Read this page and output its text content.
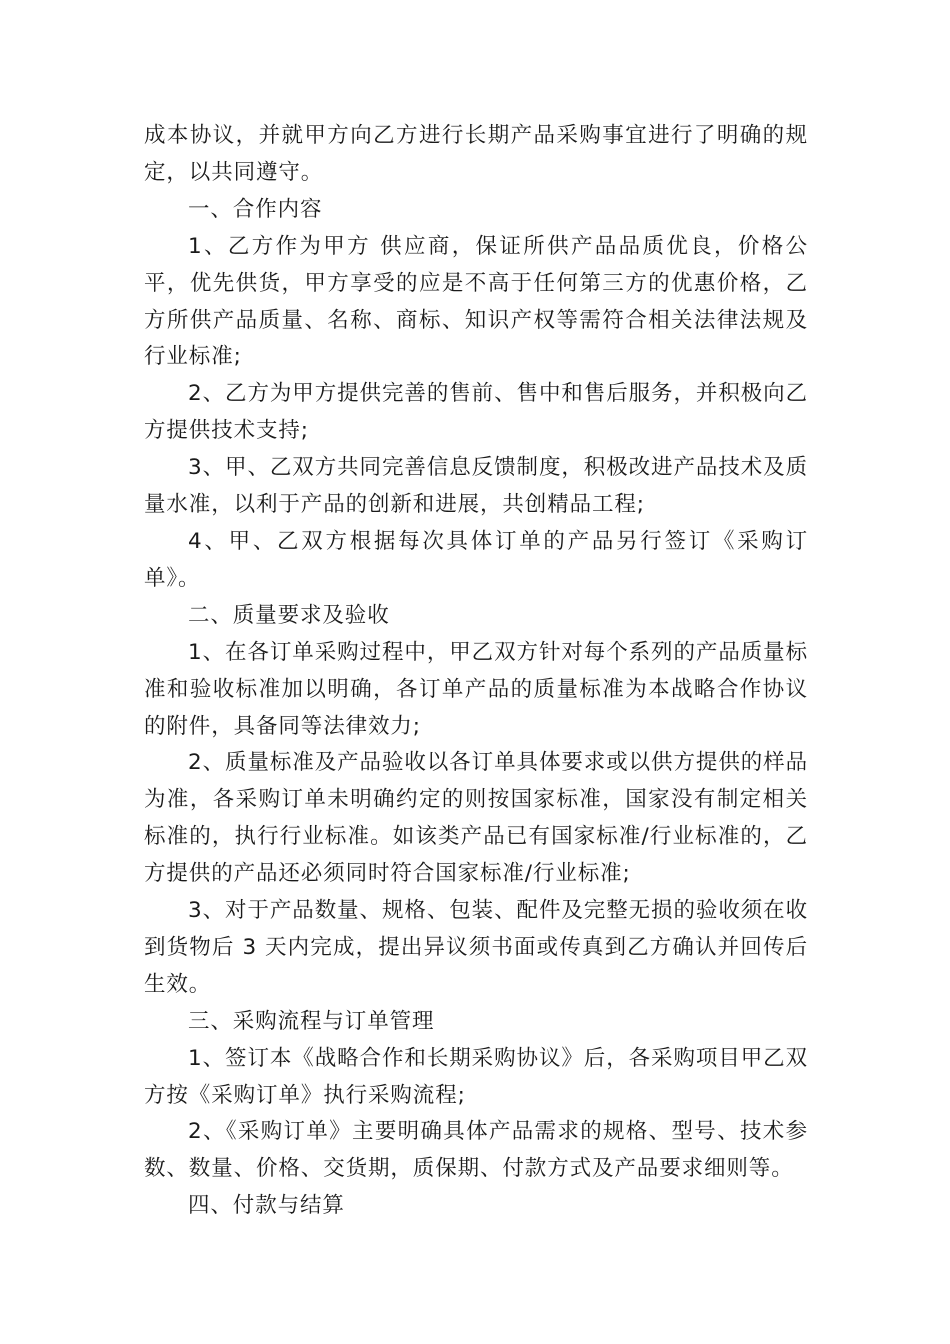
成本协议，并就甲方向乙方进行长期产品采购事宜进行了明确的规定，以共同遵守。

一、合作内容

1、乙方作为甲方 供应商，保证所供产品品质优良，价格公平，优先供货，甲方享受的应是不高于任何第三方的优惠价格，乙方所供产品质量、名称、商标、知识产权等需符合相关法律法规及行业标准;

2、乙方为甲方提供完善的售前、售中和售后服务，并积极向乙方提供技术支持;

3、甲、乙双方共同完善信息反馈制度，积极改进产品技术及质量水准，以利于产品的创新和进展，共创精品工程;

4、甲、乙双方根据每次具体订单的产品另行签订《采购订单》。

二、质量要求及验收

1、在各订单采购过程中，甲乙双方针对每个系列的产品质量标准和验收标准加以明确，各订单产品的质量标准为本战略合作协议的附件，具备同等法律效力;

2、质量标准及产品验收以各订单具体要求或以供方提供的样品为准，各采购订单未明确约定的则按国家标准，国家没有制定相关标准的，执行行业标准。如该类产品已有国家标准/行业标准的，乙方提供的产品还必须同时符合国家标准/行业标准;

3、对于产品数量、规格、包装、配件及完整无损的验收须在收到货物后 3 天内完成，提出异议须书面或传真到乙方确认并回传后生效。

三、采购流程与订单管理

1、签订本《战略合作和长期采购协议》后，各采购项目甲乙双方按《采购订单》执行采购流程;

2、《采购订单》主要明确具体产品需求的规格、型号、技术参数、数量、价格、交货期，质保期、付款方式及产品要求细则等。

四、付款与结算
